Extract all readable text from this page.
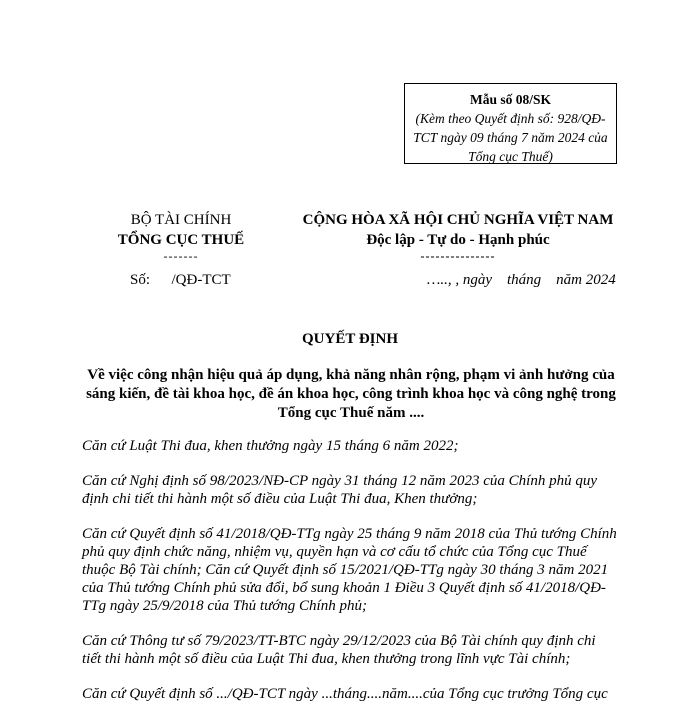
Mẫu số 08/SK
(Kèm theo Quyết định số: 928/QĐ-TCT ngày 09 tháng 7 năm 2024 của Tổng cục Thuế)
BỘ TÀI CHÍNH
TỔNG CỤC THUẾ
-------
CỘNG HÒA XÃ HỘI CHỦ NGHĨA VIỆT NAM
Độc lập - Tự do - Hạnh phúc
---------------
Số: /QĐ-TCT	….., , ngày    tháng    năm 2024
QUYẾT ĐỊNH
Về việc công nhận hiệu quả áp dụng, khả năng nhân rộng, phạm vi ảnh hưởng của sáng kiến, đề tài khoa học, đề án khoa học, công trình khoa học và công nghệ trong Tổng cục Thuế năm ....

Căn cứ Luật Thi đua, khen thưởng ngày 15 tháng 6 năm 2022;

Căn cứ Nghị định số 98/2023/NĐ-CP ngày 31 tháng 12 năm 2023 của Chính phủ quy định chi tiết thi hành một số điều của Luật Thi đua, Khen thưởng;

Căn cứ Quyết định số 41/2018/QĐ-TTg ngày 25 tháng 9 năm 2018 của Thủ tướng Chính phủ quy định chức năng, nhiệm vụ, quyền hạn và cơ cấu tổ chức của Tổng cục Thuế thuộc Bộ Tài chính; Căn cứ Quyết định số 15/2021/QĐ-TTg ngày 30 tháng 3 năm 2021 của Thủ tướng Chính phủ sửa đổi, bổ sung khoản 1 Điều 3 Quyết định số 41/2018/QĐ-TTg ngày 25/9/2018 của Thủ tướng Chính phủ;

Căn cứ Thông tư số 79/2023/TT-BTC ngày 29/12/2023 của Bộ Tài chính quy định chi tiết thi hành một số điều của Luật Thi đua, khen thưởng trong lĩnh vực Tài chính;

Căn cứ Quyết định số .../QĐ-TCT ngày ...tháng....năm....của Tổng cục trưởng Tổng cục
